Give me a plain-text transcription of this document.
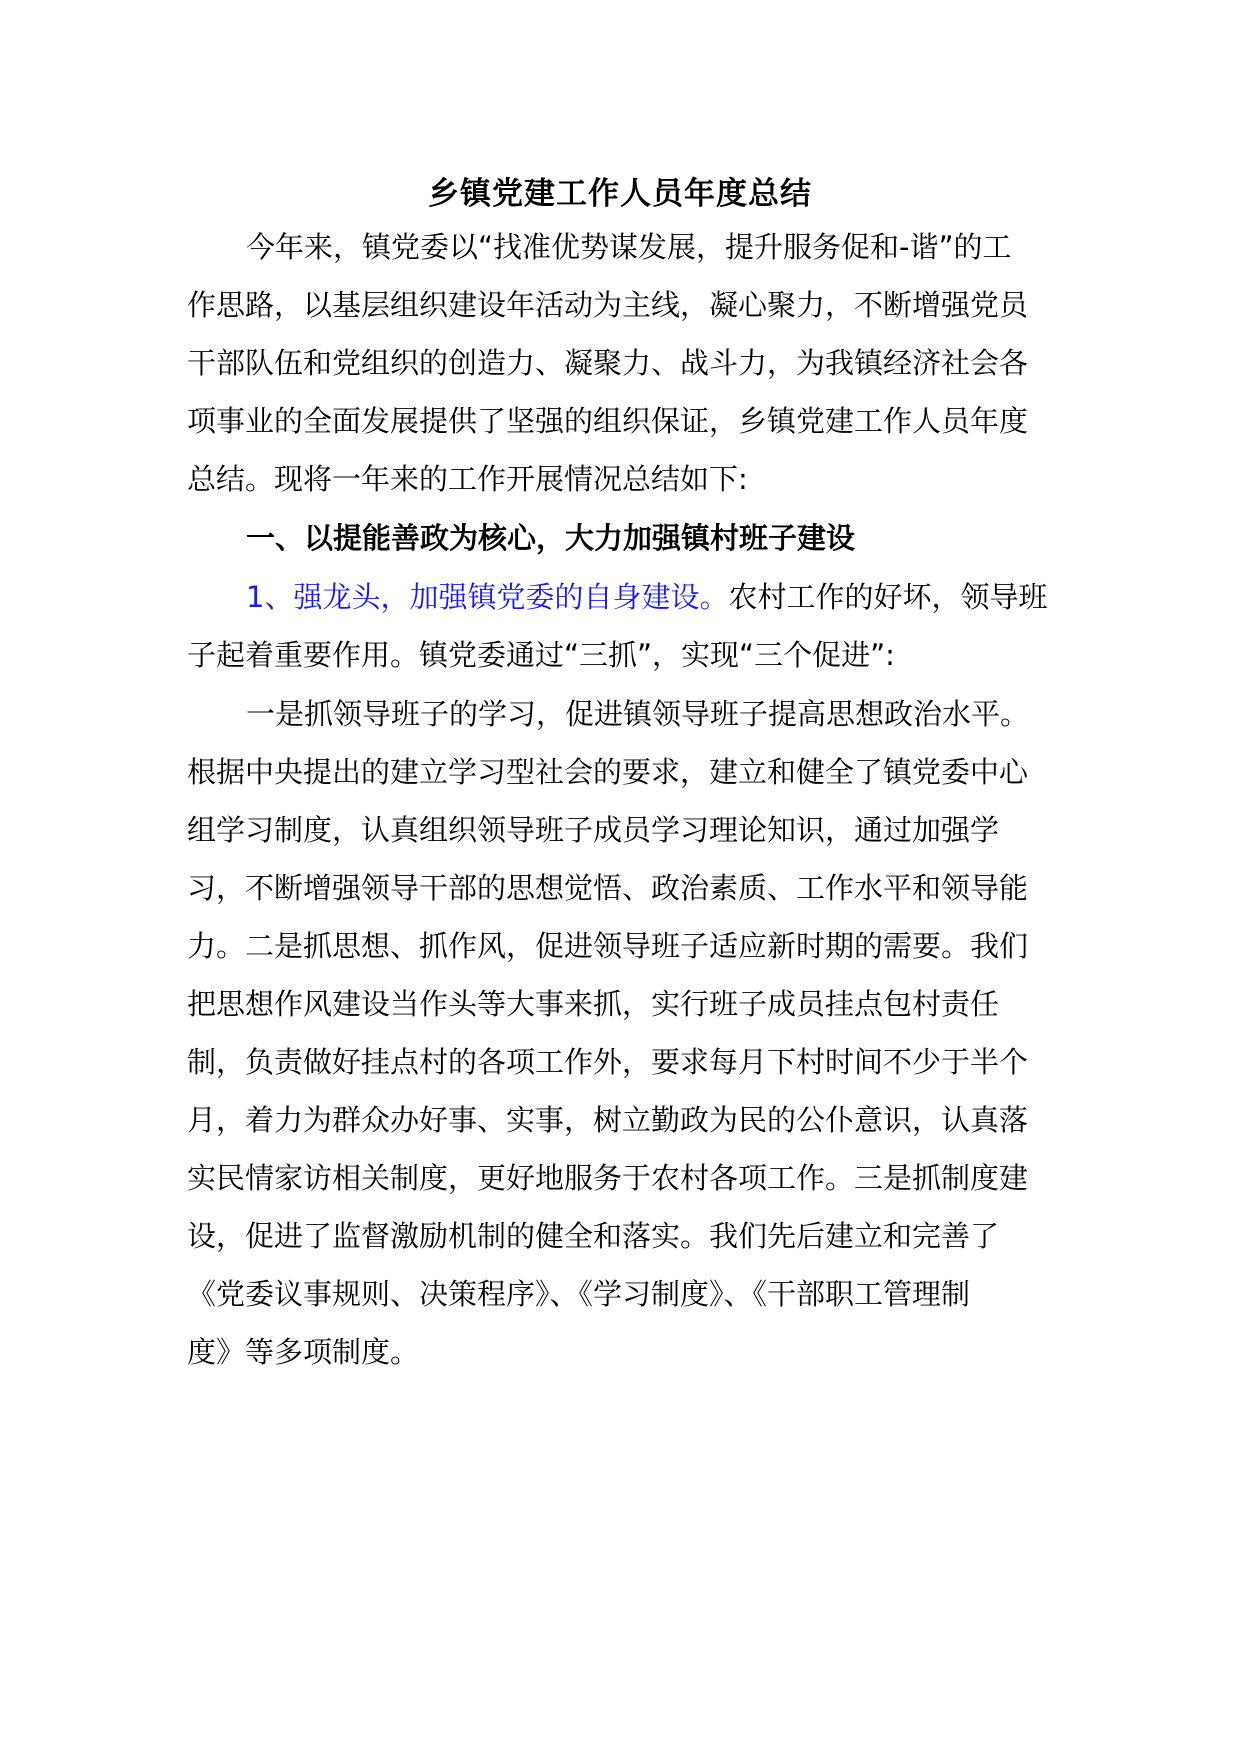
乡镇党建工作人员年度总结
今年来，镇党委以“找准优势谋发展，提升服务促和-谐”的工
作思路，以基层组织建设年活动为主线，凝心聚力，不断增强党员
干部队伍和党组织的创造力、凝聚力、战斗力，为我镇经济社会各
项事业的全面发展提供了坚强的组织保证，乡镇党建工作人员年度
总结。现将一年来的工作开展情况总结如下:
一、以提能善政为核心，大力加强镇村班子建设
1、强龙头，加强镇党委的自身建设。农村工作的好坏，领导班
子起着重要作用。镇党委通过“三抓”，实现“三个促进”:
一是抓领导班子的学习，促进镇领导班子提高思想政治水平。
根据中央提出的建立学习型社会的要求，建立和健全了镇党委中心
组学习制度，认真组织领导班子成员学习理论知识，通过加强学
习，不断增强领导干部的思想觉悟、政治素质、工作水平和领导能
力。二是抓思想、抓作风，促进领导班子适应新时期的需要。我们
把思想作风建设当作头等大事来抓，实行班子成员挂点包村责任
制，负责做好挂点村的各项工作外，要求每月下村时间不少于半个
月，着力为群众办好事、实事，树立勤政为民的公仆意识，认真落
实民情家访相关制度，更好地服务于农村各项工作。三是抓制度建
设，促进了监督激励机制的健全和落实。我们先后建立和完善了
《党委议事规则、决策程序》、《学习制度》、《干部职工管理制
度》等多项制度。
